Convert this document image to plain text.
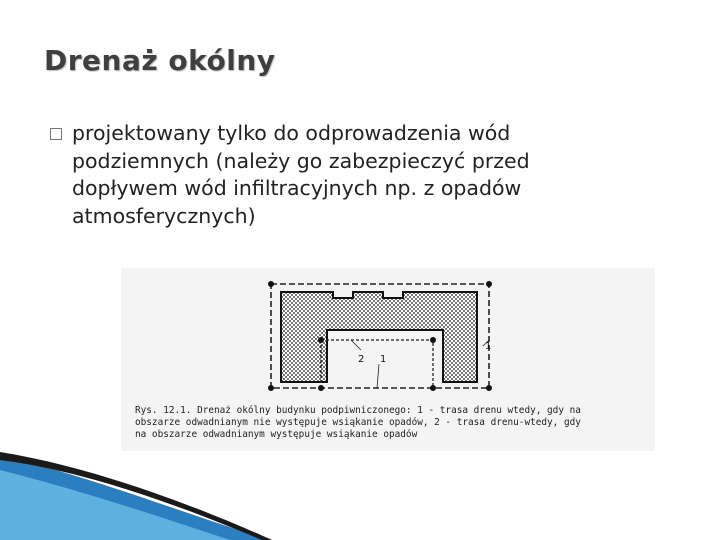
Drenaż okólny
projektowany tylko do odprowadzenia wód
podziemnych (należy go zabezpieczyć przed
dopływem wód infiltracyjnych np. z opadów
atmosferycznych)
2 1
1
Rys. 12.1. Drenaż okólny budynku podpiwniczonego: 1 - trasa drenu wtedy, gdy na
obszarze odwadnianym nie występuje wsiąkanie opadów, 2 - trasa drenu-wtedy, gdy
na obszarze odwadnianym występuje wsiąkanie opadów
